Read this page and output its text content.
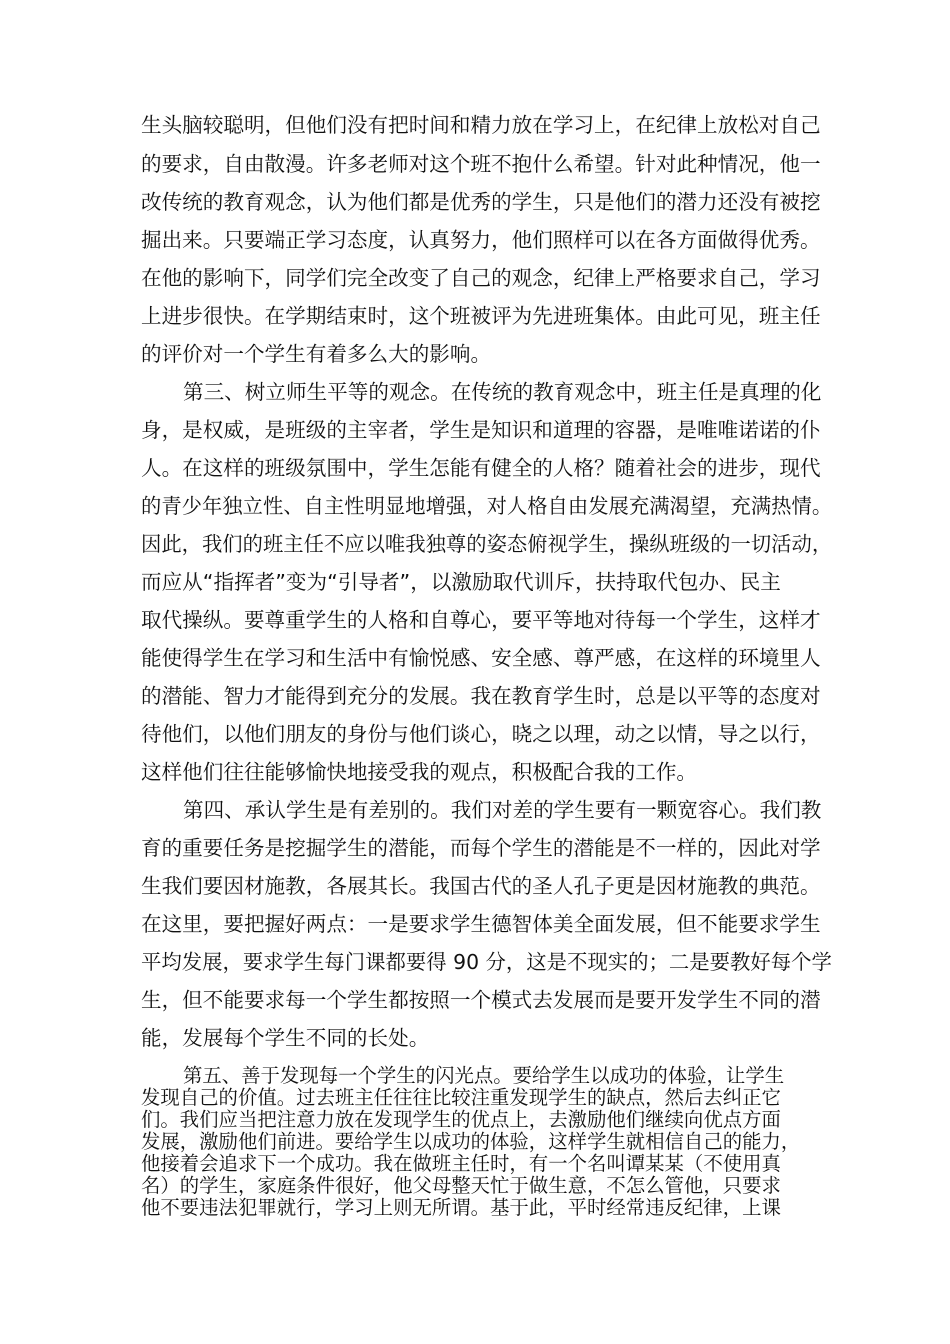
生头脑较聪明，但他们没有把时间和精力放在学习上，在纪律上放松对自己
的要求，自由散漫。许多老师对这个班不抱什么希望。针对此种情况，他一
改传统的教育观念，认为他们都是优秀的学生，只是他们的潜力还没有被挖
掘出来。只要端正学习态度，认真努力，他们照样可以在各方面做得优秀。
在他的影响下，同学们完全改变了自己的观念，纪律上严格要求自己，学习
上进步很快。在学期结束时，这个班被评为先进班集体。由此可见，班主任
的评价对一个学生有着多么大的影响。
第三、树立师生平等的观念。在传统的教育观念中，班主任是真理的化
身，是权威，是班级的主宰者，学生是知识和道理的容器，是唯唯诺诺的仆
人。在这样的班级氛围中，学生怎能有健全的人格？随着社会的进步，现代
的青少年独立性、自主性明显地增强，对人格自由发展充满渴望，充满热情。
因此，我们的班主任不应以唯我独尊的姿态俯视学生，操纵班级的一切活动，
而应从“指挥者”变为“引导者”，以激励取代训斥，扶持取代包办、民主
取代操纵。要尊重学生的人格和自尊心，要平等地对待每一个学生，这样才
能使得学生在学习和生活中有愉悦感、安全感、尊严感，在这样的环境里人
的潜能、智力才能得到充分的发展。我在教育学生时，总是以平等的态度对
待他们，以他们朋友的身份与他们谈心，晓之以理，动之以情，导之以行，
这样他们往往能够愉快地接受我的观点，积极配合我的工作。
第四、承认学生是有差别的。我们对差的学生要有一颗宽容心。我们教
育的重要任务是挖掘学生的潜能，而每个学生的潜能是不一样的，因此对学
生我们要因材施教，各展其长。我国古代的圣人孔子更是因材施教的典范。
在这里，要把握好两点：一是要求学生德智体美全面发展，但不能要求学生
平均发展，要求学生每门课都要得 90 分，这是不现实的；二是要教好每个学
生，但不能要求每一个学生都按照一个模式去发展而是要开发学生不同的潜
能，发展每个学生不同的长处。
第五、善于发现每一个学生的闪光点。要给学生以成功的体验，让学生
发现自己的价值。过去班主任往往比较注重发现学生的缺点，然后去纠正它
们。我们应当把注意力放在发现学生的优点上，去激励他们继续向优点方面
发展，激励他们前进。要给学生以成功的体验，这样学生就相信自己的能力，
他接着会追求下一个成功。我在做班主任时，有一个名叫谭某某（不使用真
名）的学生，家庭条件很好，他父母整天忙于做生意，不怎么管他，只要求
他不要违法犯罪就行，学习上则无所谓。基于此，平时经常违反纪律，上课
